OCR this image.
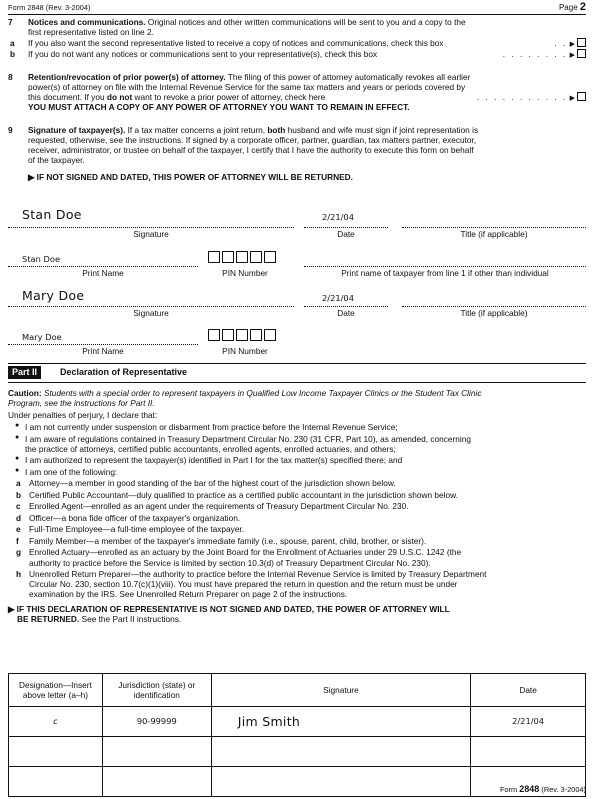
Form 2848 (Rev. 3-2004)	Page 2
7 Notices and communications. Original notices and other written communications will be sent to you and a copy to the
first representative listed on line 2.
a If you also want the second representative listed to receive a copy of notices and communications, check this box	. . ▶
b If you do not want any notices or communications sent to your representative(s), check this box	. . . . . . . . ▶
8 Retention/revocation of prior power(s) of attorney. The filing of this power of attorney automatically revokes all earlier
power(s) of attorney on file with the Internal Revenue Service for the same tax matters and years or periods covered by
this document. If you do not want to revoke a prior power of attorney, check here	. . . . . . . . . . . ▶

YOU MUST ATTACH A COPY OF ANY POWER OF ATTORNEY YOU WANT TO REMAIN IN EFFECT.
9 Signature of taxpayer(s). If a tax matter concerns a joint return, both husband and wife must sign if joint representation is
requested, otherwise, see the instructions. If signed by a corporate officer, partner, guardian, tax matters partner, executor,
receiver, administrator, or trustee on behalf of the taxpayer, I certify that I have the authority to execute this form on behalf
of the taxpayer.
▶ IF NOT SIGNED AND DATED, THIS POWER OF ATTORNEY WILL BE RETURNED.
Stan Doe	2/21/04
Signature	Date	Title (if applicable)
Stan Doe
Print Name	PIN Number	Print name of taxpayer from line 1 if other than individual
Mary Doe	2/21/04
Signature	Date	Title (if applicable)
Mary Doe
Print Name	PIN Number
Part II	Declaration of Representative
Caution: Students with a special order to represent taxpayers in Qualified Low Income Taxpayer Clinics or the Student Tax Clinic
Program, see the instructions for Part II.
Under penalties of perjury, I declare that:
● I am not currently under suspension or disbarment from practice before the Internal Revenue Service;
● I am aware of regulations contained in Treasury Department Circular No. 230 (31 CFR, Part 10), as amended, concerning
the practice of attorneys, certified public accountants, enrolled agents, enrolled actuaries, and others;
● I am authorized to represent the taxpayer(s) identified in Part I for the tax matter(s) specified there; and
● I am one of the following:
a Attorney—a member in good standing of the bar of the highest court of the jurisdiction shown below.
b Certified Public Accountant—duly qualified to practice as a certified public accountant in the jurisdiction shown below.
c Enrolled Agent—enrolled as an agent under the requirements of Treasury Department Circular No. 230.
d Officer—a bona fide officer of the taxpayer's organization.
e Full-Time Employee—a full-time employee of the taxpayer.
f Family Member—a member of the taxpayer's immediate family (i.e., spouse, parent, child, brother, or sister).
g Enrolled Actuary—enrolled as an actuary by the Joint Board for the Enrollment of Actuaries under 29 U.S.C. 1242 (the
authority to practice before the Service is limited by section 10.3(d) of Treasury Department Circular No. 230).
h Unenrolled Return Preparer—the authority to practice before the Internal Revenue Service is limited by Treasury Department
Circular No. 230, section 10.7(c)(1)(viii). You must have prepared the return in question and the return must be under
examination by the IRS. See Unenrolled Return Preparer on page 2 of the instructions.
▶ IF THIS DECLARATION OF REPRESENTATIVE IS NOT SIGNED AND DATED, THE POWER OF ATTORNEY WILL
BE RETURNED. See the Part II instructions.
Designation—Insert above letter (a–h)	Jurisdiction (state) or identification	Signature	Date
c	90-99999	Jim Smith	2/21/04

Form 2848 (Rev. 3-2004)
